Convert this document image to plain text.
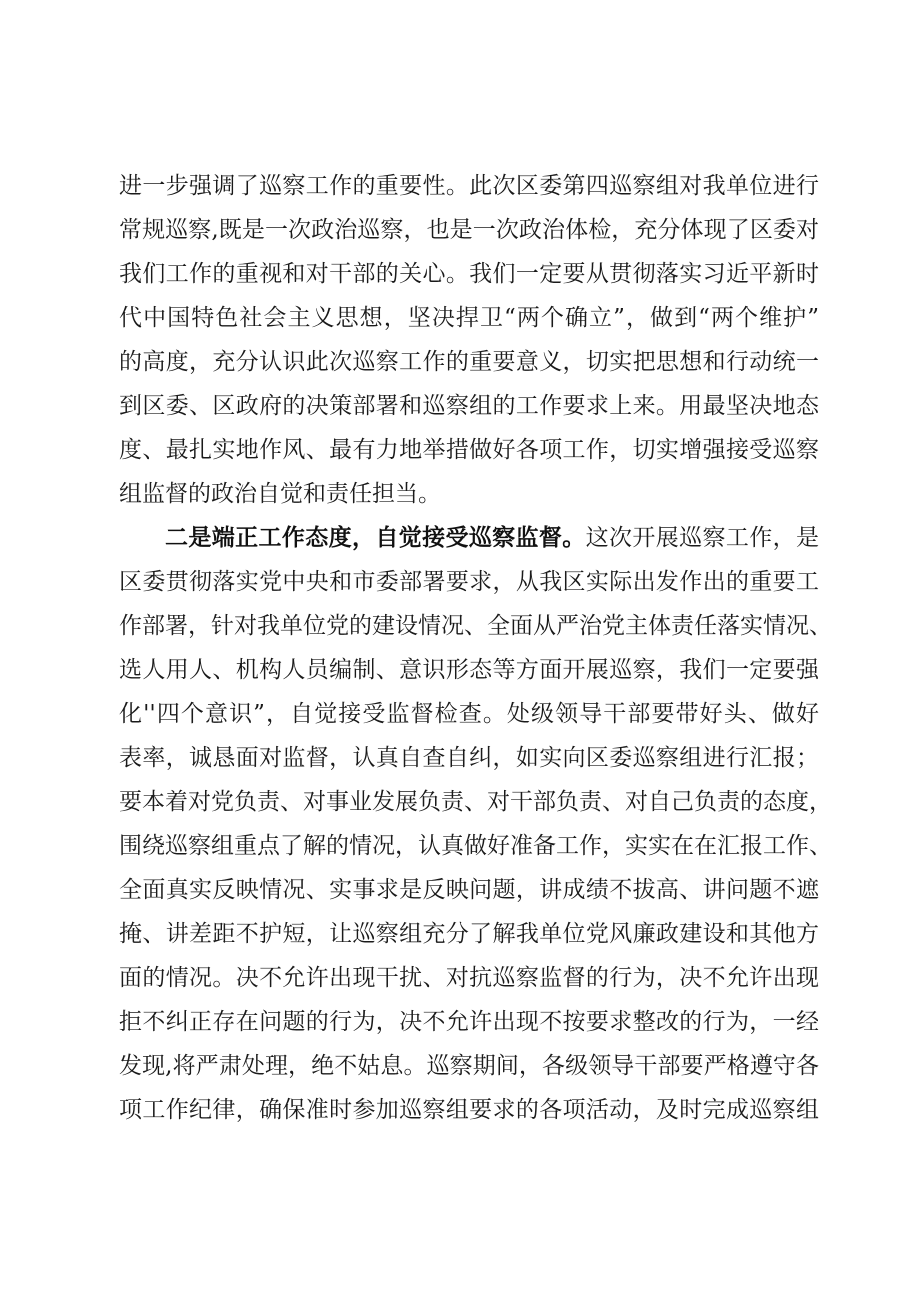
进一步强调了巡察工作的重要性。此次区委第四巡察组对我单位进行
常规巡察,既是一次政治巡察，也是一次政治体检，充分体现了区委对
我们工作的重视和对干部的关心。我们一定要从贯彻落实习近平新时
代中国特色社会主义思想，坚决捍卫“两个确立”，做到“两个维护”
的高度，充分认识此次巡察工作的重要意义，切实把思想和行动统一
到区委、区政府的决策部署和巡察组的工作要求上来。用最坚决地态
度、最扎实地作风、最有力地举措做好各项工作，切实增强接受巡察
组监督的政治自觉和责任担当。
二是端正工作态度，自觉接受巡察监督。这次开展巡察工作，是
区委贯彻落实党中央和市委部署要求，从我区实际出发作出的重要工
作部署，针对我单位党的建设情况、全面从严治党主体责任落实情况、
选人用人、机构人员编制、意识形态等方面开展巡察，我们一定要强
化''四个意识”，自觉接受监督检查。处级领导干部要带好头、做好
表率，诚恳面对监督，认真自查自纠，如实向区委巡察组进行汇报；
要本着对党负责、对事业发展负责、对干部负责、对自己负责的态度，
围绕巡察组重点了解的情况，认真做好准备工作，实实在在汇报工作、
全面真实反映情况、实事求是反映问题，讲成绩不拔高、讲问题不遮
掩、讲差距不护短，让巡察组充分了解我单位党风廉政建设和其他方
面的情况。决不允许出现干扰、对抗巡察监督的行为，决不允许出现
拒不纠正存在问题的行为，决不允许出现不按要求整改的行为，一经
发现,将严肃处理，绝不姑息。巡察期间，各级领导干部要严格遵守各
项工作纪律，确保准时参加巡察组要求的各项活动，及时完成巡察组
